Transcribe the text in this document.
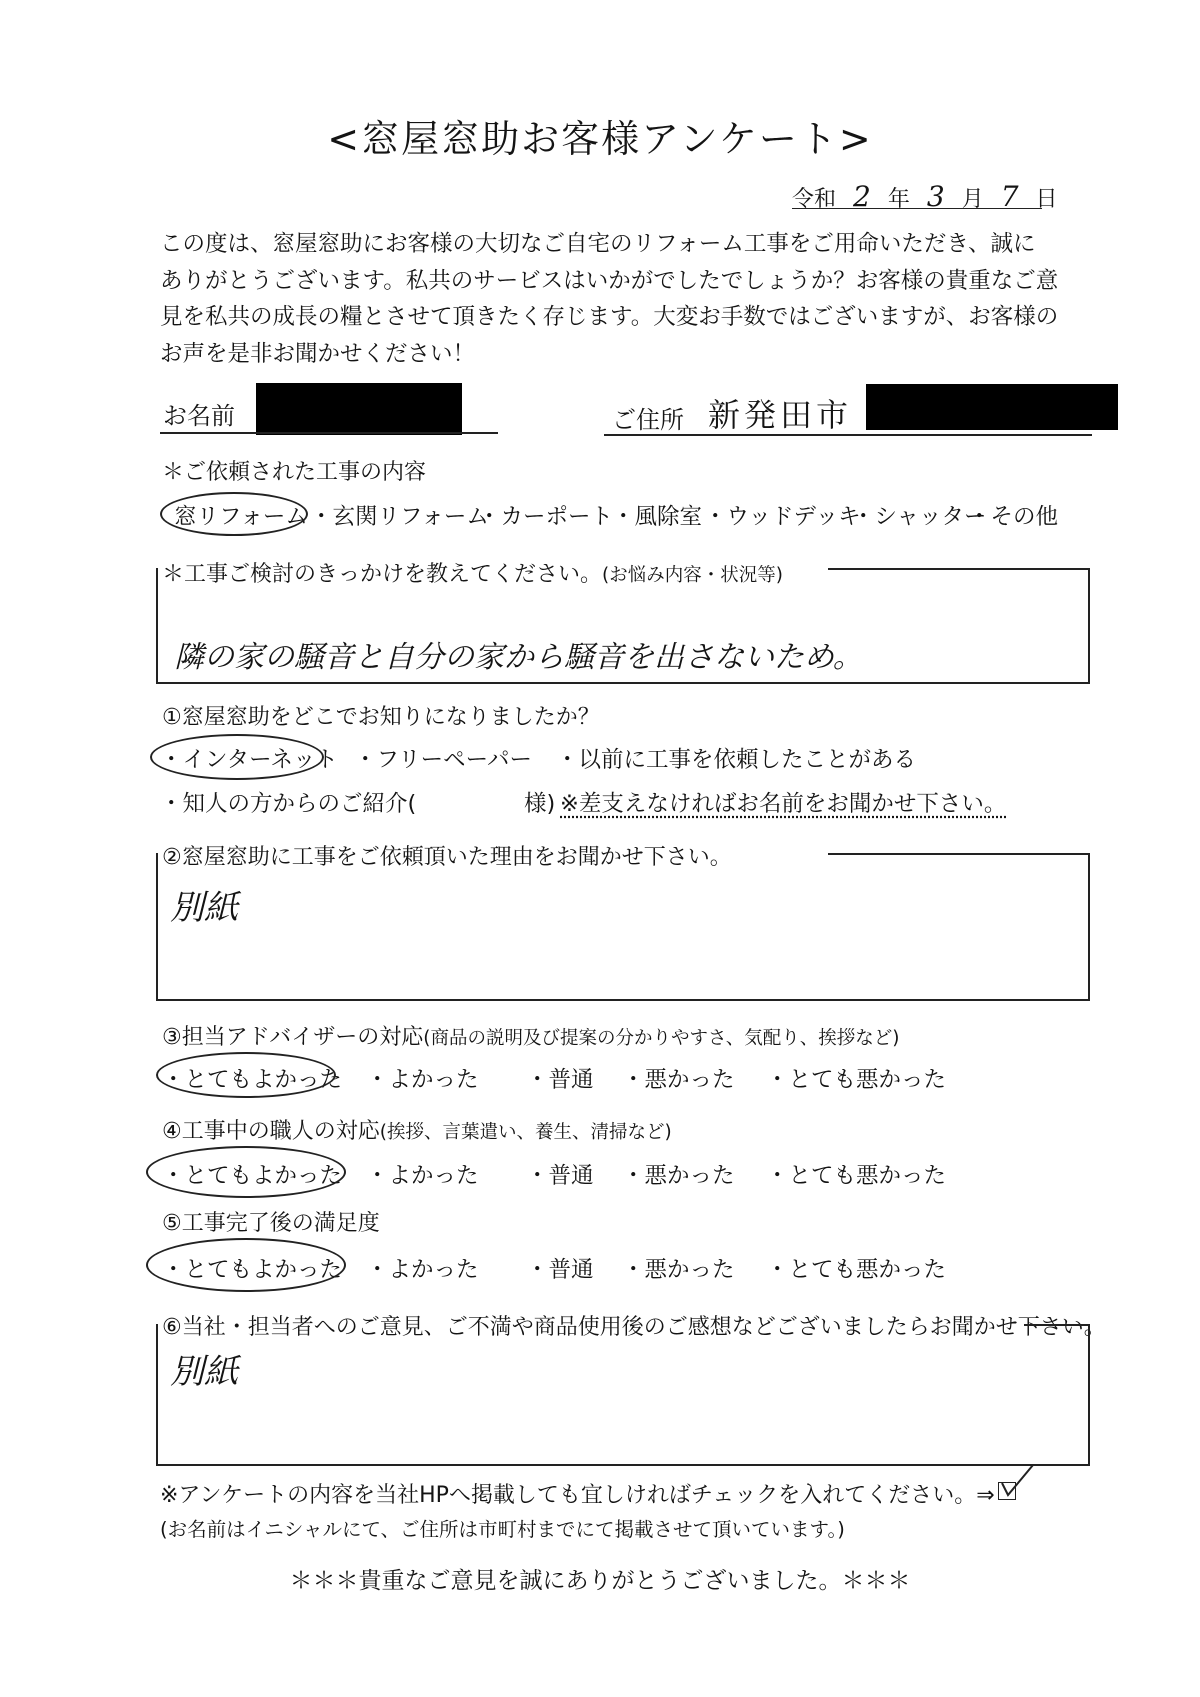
<窓屋窓助お客様アンケート>
令和 2 年 3 月 7 日
この度は、窓屋窓助にお客様の大切なご自宅のリフォーム工事をご用命いただき、誠に
ありがとうございます。私共のサービスはいかがでしたでしょうか？お客様の貴重なご意
見を私共の成長の糧とさせて頂きたく存じます。大変お手数ではございますが、お客様の
お声を是非お聞かせください！
お名前	ご住所 新発田市
＊ご依頼された工事の内容
窓リフォーム ・玄関リフォーム
・カーポート
・風除室 ・ウッドデッキ
・シャッター
・その他
＊工事ご検討のきっかけを教えてください。(お悩み内容・状況等)
隣の家の騒音と自分の家から騒音を出さないため。
①窓屋窓助をどこでお知りになりましたか？
・インターネット ・フリーペーパー ・以前に工事を依頼したことがある
・知人の方からのご紹介(	様) ※差支えなければお名前をお聞かせ下さい。
②窓屋窓助に工事をご依頼頂いた理由をお聞かせ下さい。
別紙
③担当アドバイザーの対応(商品の説明及び提案の分かりやすさ、気配り、挨拶など)
・とてもよかった ・よかった ・普通 ・悪かった ・とても悪かった
④工事中の職人の対応(挨拶、言葉遣い、養生、清掃など)
・とてもよかった ・よかった ・普通 ・悪かった ・とても悪かった
⑤工事完了後の満足度
・とてもよかった ・よかった ・普通 ・悪かった ・とても悪かった
⑥当社・担当者へのご意見、ご不満や商品使用後のご感想などございましたらお聞かせ下さい。
別紙
※アンケートの内容を当社HPへ掲載しても宜しければチェックを入れてください。⇒
(お名前はイニシャルにて、ご住所は市町村までにて掲載させて頂いています。)
＊＊＊貴重なご意見を誠にありがとうございました。＊＊＊
